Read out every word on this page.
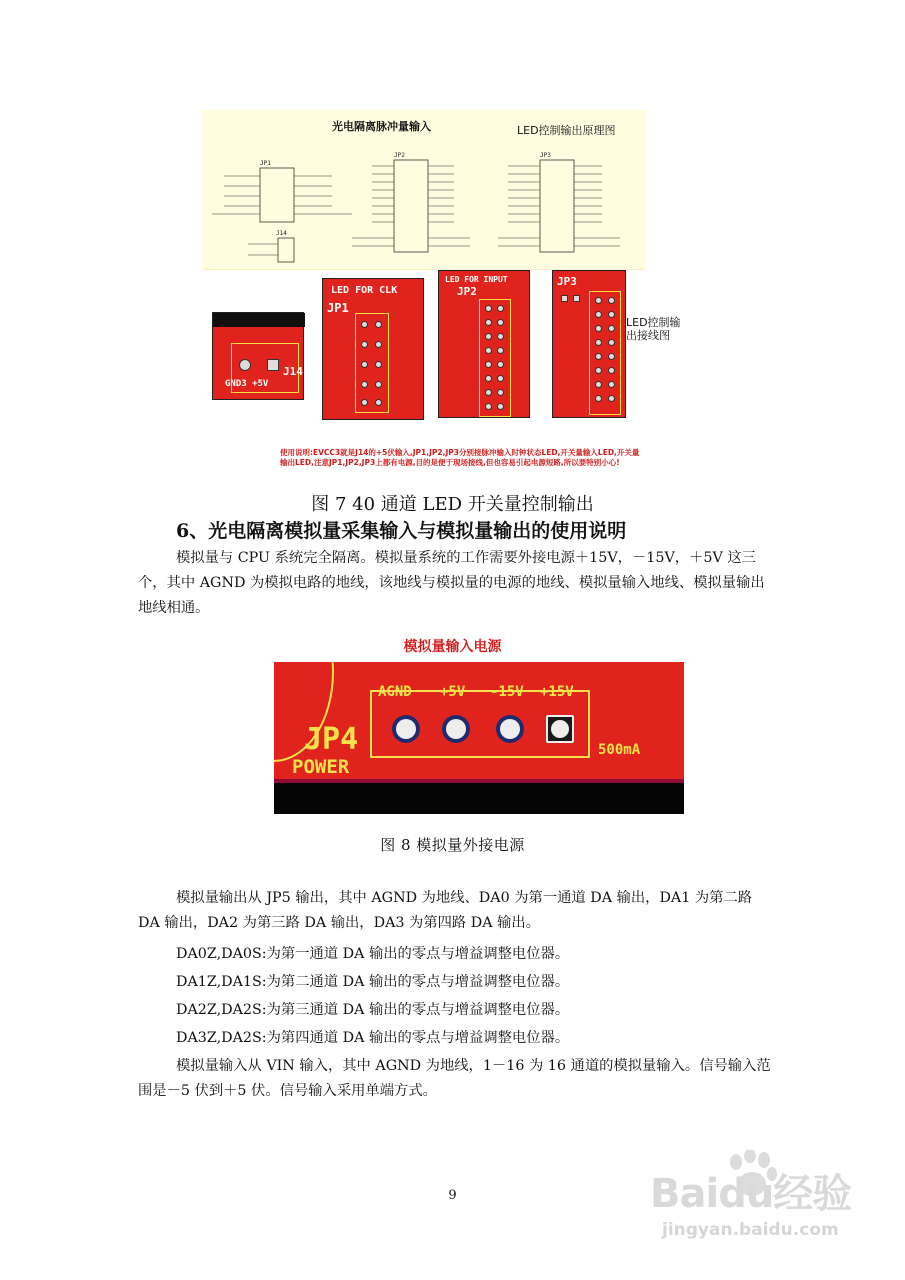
光电隔离脉冲量输入	LED控制输出原理图
JP1
J14
JP2	JP3
GND3 +5V
J14
LED FOR CLK
JP1
LED FOR INPUT
JP2
JP3
LED控制输出接线图
使用说明:EVCC3就是J14的+5伏输入,JP1,JP2,JP3分别接脉冲输入时钟状态LED,开关量输入LED,开关量输出LED,注意JP1,JP2,JP3上都有电源,目的是便于现场接线,但也容易引起电源短路,所以要特别小心!
图 7 40 通道 LED 开关量控制输出
6、光电隔离模拟量采集输入与模拟量输出的使用说明
模拟量与 CPU 系统完全隔离。模拟量系统的工作需要外接电源＋15V，－15V，＋5V 这三个，其中 AGND 为模拟电路的地线，该地线与模拟量的电源的地线、模拟量输入地线、模拟量输出地线相通。
模拟量输入电源
AGND +5V -15V +15V
JP4
POWER
500mA
图 8 模拟量外接电源
模拟量输出从 JP5 输出，其中 AGND 为地线、DA0 为第一通道 DA 输出，DA1 为第二路 DA 输出，DA2 为第三路 DA 输出，DA3 为第四路 DA 输出。
DA0Z,DA0S:为第一通道 DA 输出的零点与增益调整电位器。
DA1Z,DA1S:为第二通道 DA 输出的零点与增益调整电位器。
DA2Z,DA2S:为第三通道 DA 输出的零点与增益调整电位器。
DA3Z,DA2S:为第四通道 DA 输出的零点与增益调整电位器。
模拟量输入从 VIN 输入，其中 AGND 为地线，1－16 为 16 通道的模拟量输入。信号输入范围是－5 伏到＋5 伏。信号输入采用单端方式。
9	Baidu经验
jingyan.baidu.com
